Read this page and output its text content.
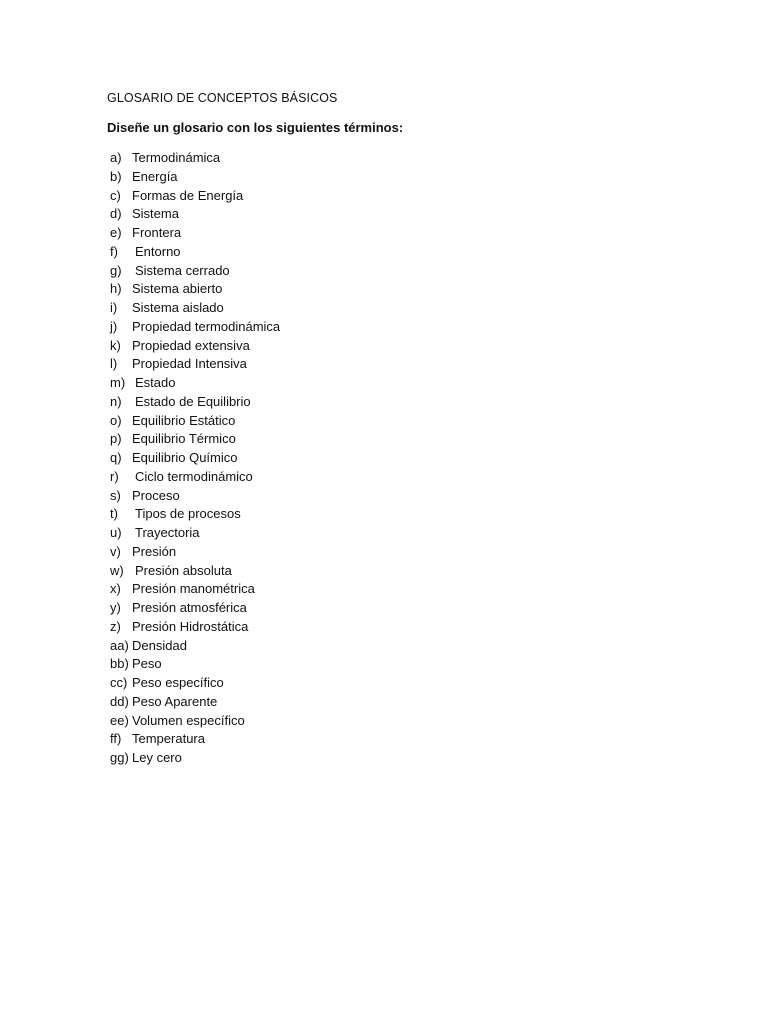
GLOSARIO DE CONCEPTOS BÁSICOS
Diseñe un glosario con los siguientes términos:
a) Termodinámica
b) Energía
c) Formas de Energía
d) Sistema
e) Frontera
f)	Entorno
g)	Sistema cerrado
h) Sistema abierto
i)	Sistema aislado
j)	Propiedad termodinámica
k) Propiedad extensiva
l)	Propiedad Intensiva
m) Estado
n)	Estado de Equilibrio
o) Equilibrio Estático
p) Equilibrio Térmico
q) Equilibrio Químico
r)	Ciclo termodinámico
s) Proceso
t)	Tipos de procesos
u)	Trayectoria
v) Presión
w) Presión absoluta
x) Presión manométrica
y) Presión atmosférica
z) Presión Hidrostática
aa) Densidad
bb) Peso
cc) Peso específico
dd) Peso Aparente
ee) Volumen específico
ff) Temperatura
gg) Ley cero
